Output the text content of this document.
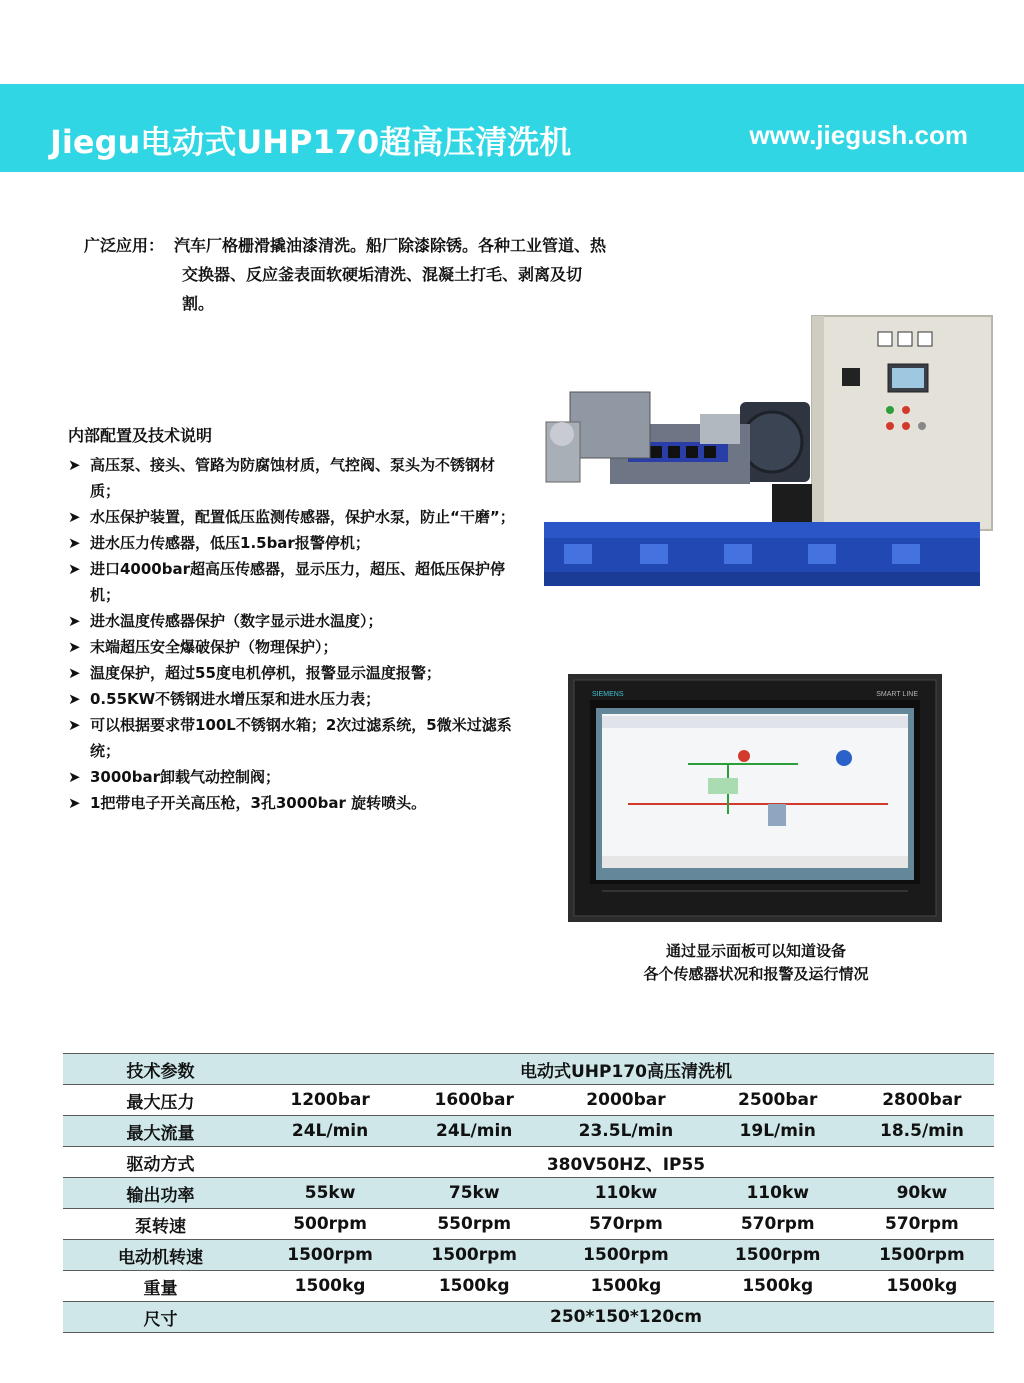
Jiegu电动式UHP170超高压清洗机	www.jiegush.com
广泛应用： 汽车厂格栅滑撬油漆清洗。船厂除漆除锈。各种工业管道、热
交换器、反应釜表面软硬垢清洗、混凝土打毛、剥离及切
割。
内部配置及技术说明
➤ 高压泵、接头、管路为防腐蚀材质，气控阀、泵头为不锈钢材质；
➤ 水压保护装置，配置低压监测传感器，保护水泵，防止“干磨”；
➤ 进水压力传感器，低压1.5bar报警停机；
➤ 进口4000bar超高压传感器，显示压力，超压、超低压保护停机；
➤ 进水温度传感器保护（数字显示进水温度）；
➤ 末端超压安全爆破保护（物理保护）；
➤ 温度保护，超过55度电机停机，报警显示温度报警；
➤ 0.55KW不锈钢进水增压泵和进水压力表；
➤ 可以根据要求带100L不锈钢水箱；2次过滤系统，5微米过滤系统；
➤ 3000bar卸载气动控制阀；
➤ 1把带电子开关高压枪，3孔3000bar 旋转喷头。
SIEMENS	SMART LINE
通过显示面板可以知道设备
各个传感器状况和报警及运行情况
技术参数	电动式UHP170高压清洗机				
最大压力	1200bar	1600bar	2000bar	2500bar	2800bar
最大流量	24L/min	24L/min	23.5L/min	19L/min	18.5/min
驱动方式	380V50HZ、IP55				
输出功率	55kw	75kw	110kw	110kw	90kw
泵转速	500rpm	550rpm	570rpm	570rpm	570rpm
电动机转速	1500rpm	1500rpm	1500rpm	1500rpm	1500rpm
重量	1500kg	1500kg	1500kg	1500kg	1500kg
尺寸	250*150*120cm				
